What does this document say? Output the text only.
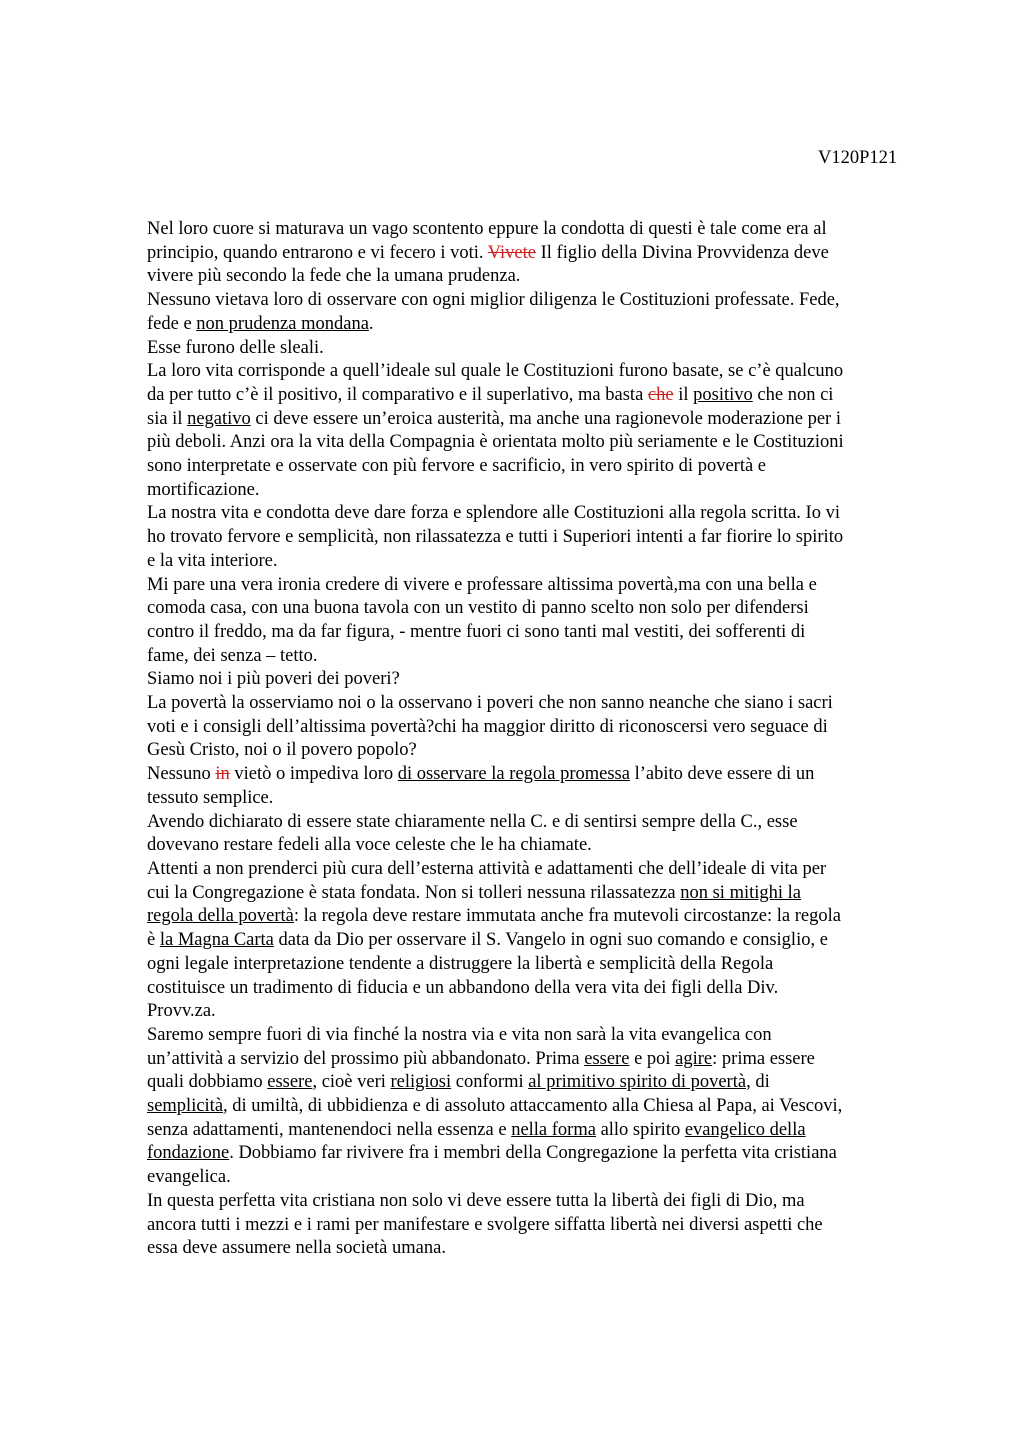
V120P121
Nel loro cuore si maturava un vago scontento eppure la condotta di questi è tale come era al
principio, quando entrarono e vi fecero i voti. Vivete Il figlio della Divina Provvidenza deve
vivere più secondo la fede che la umana prudenza.
Nessuno vietava loro di osservare con ogni miglior diligenza le Costituzioni professate. Fede,
fede e non prudenza mondana.
Esse furono delle sleali.
La loro vita corrisponde a quell’ideale sul quale le Costituzioni furono basate, se c’è qualcuno
da per tutto c’è il positivo, il comparativo e il superlativo, ma basta che il positivo che non ci
sia il negativo ci deve essere un’eroica austerità, ma anche una ragionevole moderazione per i
più deboli. Anzi ora la vita della Compagnia è orientata molto più seriamente e le Costituzioni
sono interpretate e osservate con più fervore e sacrificio, in vero spirito di povertà e
mortificazione.
La nostra vita e condotta deve dare forza e splendore alle Costituzioni alla regola scritta. Io vi
ho trovato fervore e semplicità, non rilassatezza e tutti i Superiori intenti a far fiorire lo spirito
e la vita interiore.
Mi pare una vera ironia credere di vivere e professare altissima povertà,ma con una bella e
comoda casa, con una buona tavola con un vestito di panno scelto non solo per difendersi
contro il freddo, ma da far figura, - mentre fuori ci sono tanti mal vestiti, dei sofferenti di
fame, dei senza – tetto.
Siamo noi i più poveri dei poveri?
La povertà la osserviamo noi o la osservano i poveri che non sanno neanche che siano i sacri
voti e i consigli dell’altissima povertà?chi ha maggior diritto di riconoscersi vero seguace di
Gesù Cristo, noi o il povero popolo?
Nessuno in vietò o impediva loro di osservare la regola promessa l’abito deve essere di un
tessuto semplice.
Avendo dichiarato di essere state chiaramente nella C. e di sentirsi sempre della C., esse
dovevano restare fedeli alla voce celeste che le ha chiamate.
Attenti a non prenderci più cura dell’esterna attività e adattamenti che dell’ideale di vita per
cui la Congregazione è stata fondata. Non si tolleri nessuna rilassatezza non si mitighi la
regola della povertà: la regola deve restare immutata anche fra mutevoli circostanze: la regola
è la Magna Carta data da Dio per osservare il S. Vangelo in ogni suo comando e consiglio, e
ogni legale interpretazione tendente a distruggere la libertà e semplicità della Regola
costituisce un tradimento di fiducia e un abbandono della vera vita dei figli della Div.
Provv.za.
Saremo sempre fuori di via finché la nostra via e vita non sarà la vita evangelica con
un’attività a servizio del prossimo più abbandonato. Prima essere e poi agire: prima essere
quali dobbiamo essere, cioè veri religiosi conformi al primitivo spirito di povertà, di
semplicità, di umiltà, di ubbidienza e di assoluto attaccamento alla Chiesa al Papa, ai Vescovi,
senza adattamenti, mantenendoci nella essenza e nella forma allo spirito evangelico della
fondazione. Dobbiamo far rivivere fra i membri della Congregazione la perfetta vita cristiana
evangelica.
In questa perfetta vita cristiana non solo vi deve essere tutta la libertà dei figli di Dio, ma
ancora tutti i mezzi e i rami per manifestare e svolgere siffatta libertà nei diversi aspetti che
essa deve assumere nella società umana.
